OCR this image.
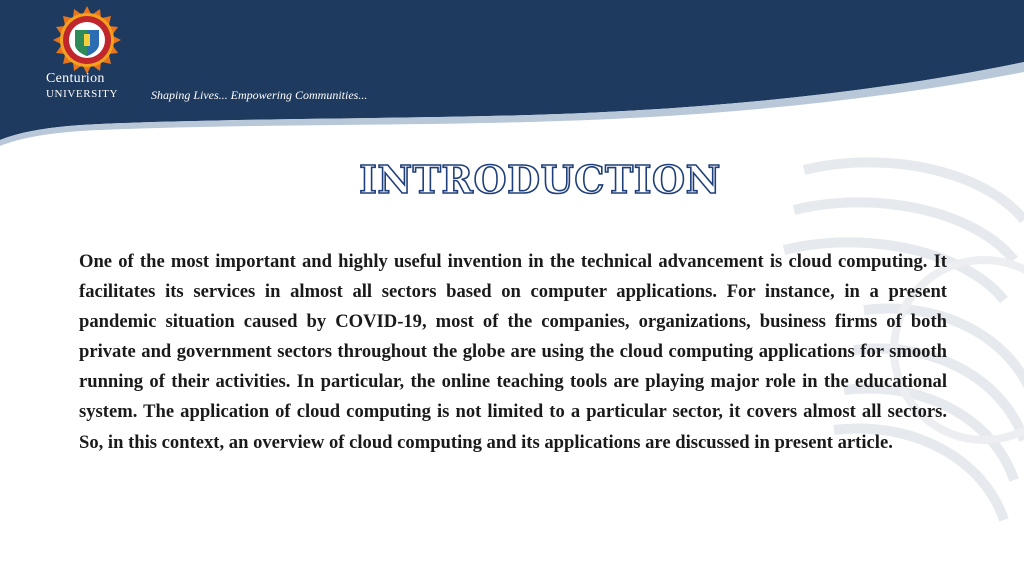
Centurion
UNIVERSITY	Shaping Lives... Empowering Communities...
INTRODUCTION

One of the most important and highly useful invention in the technical advancement is cloud computing. It facilitates its services in almost all sectors based on computer applications. For instance, in a present pandemic situation caused by COVID-19, most of the companies, organizations, business firms of both private and government sectors throughout the globe are using the cloud computing applications for smooth running of their activities. In particular, the online teaching tools are playing major role in the educational system. The application of cloud computing is not limited to a particular sector, it covers almost all sectors. So, in this context, an overview of cloud computing and its applications are discussed in present article.
